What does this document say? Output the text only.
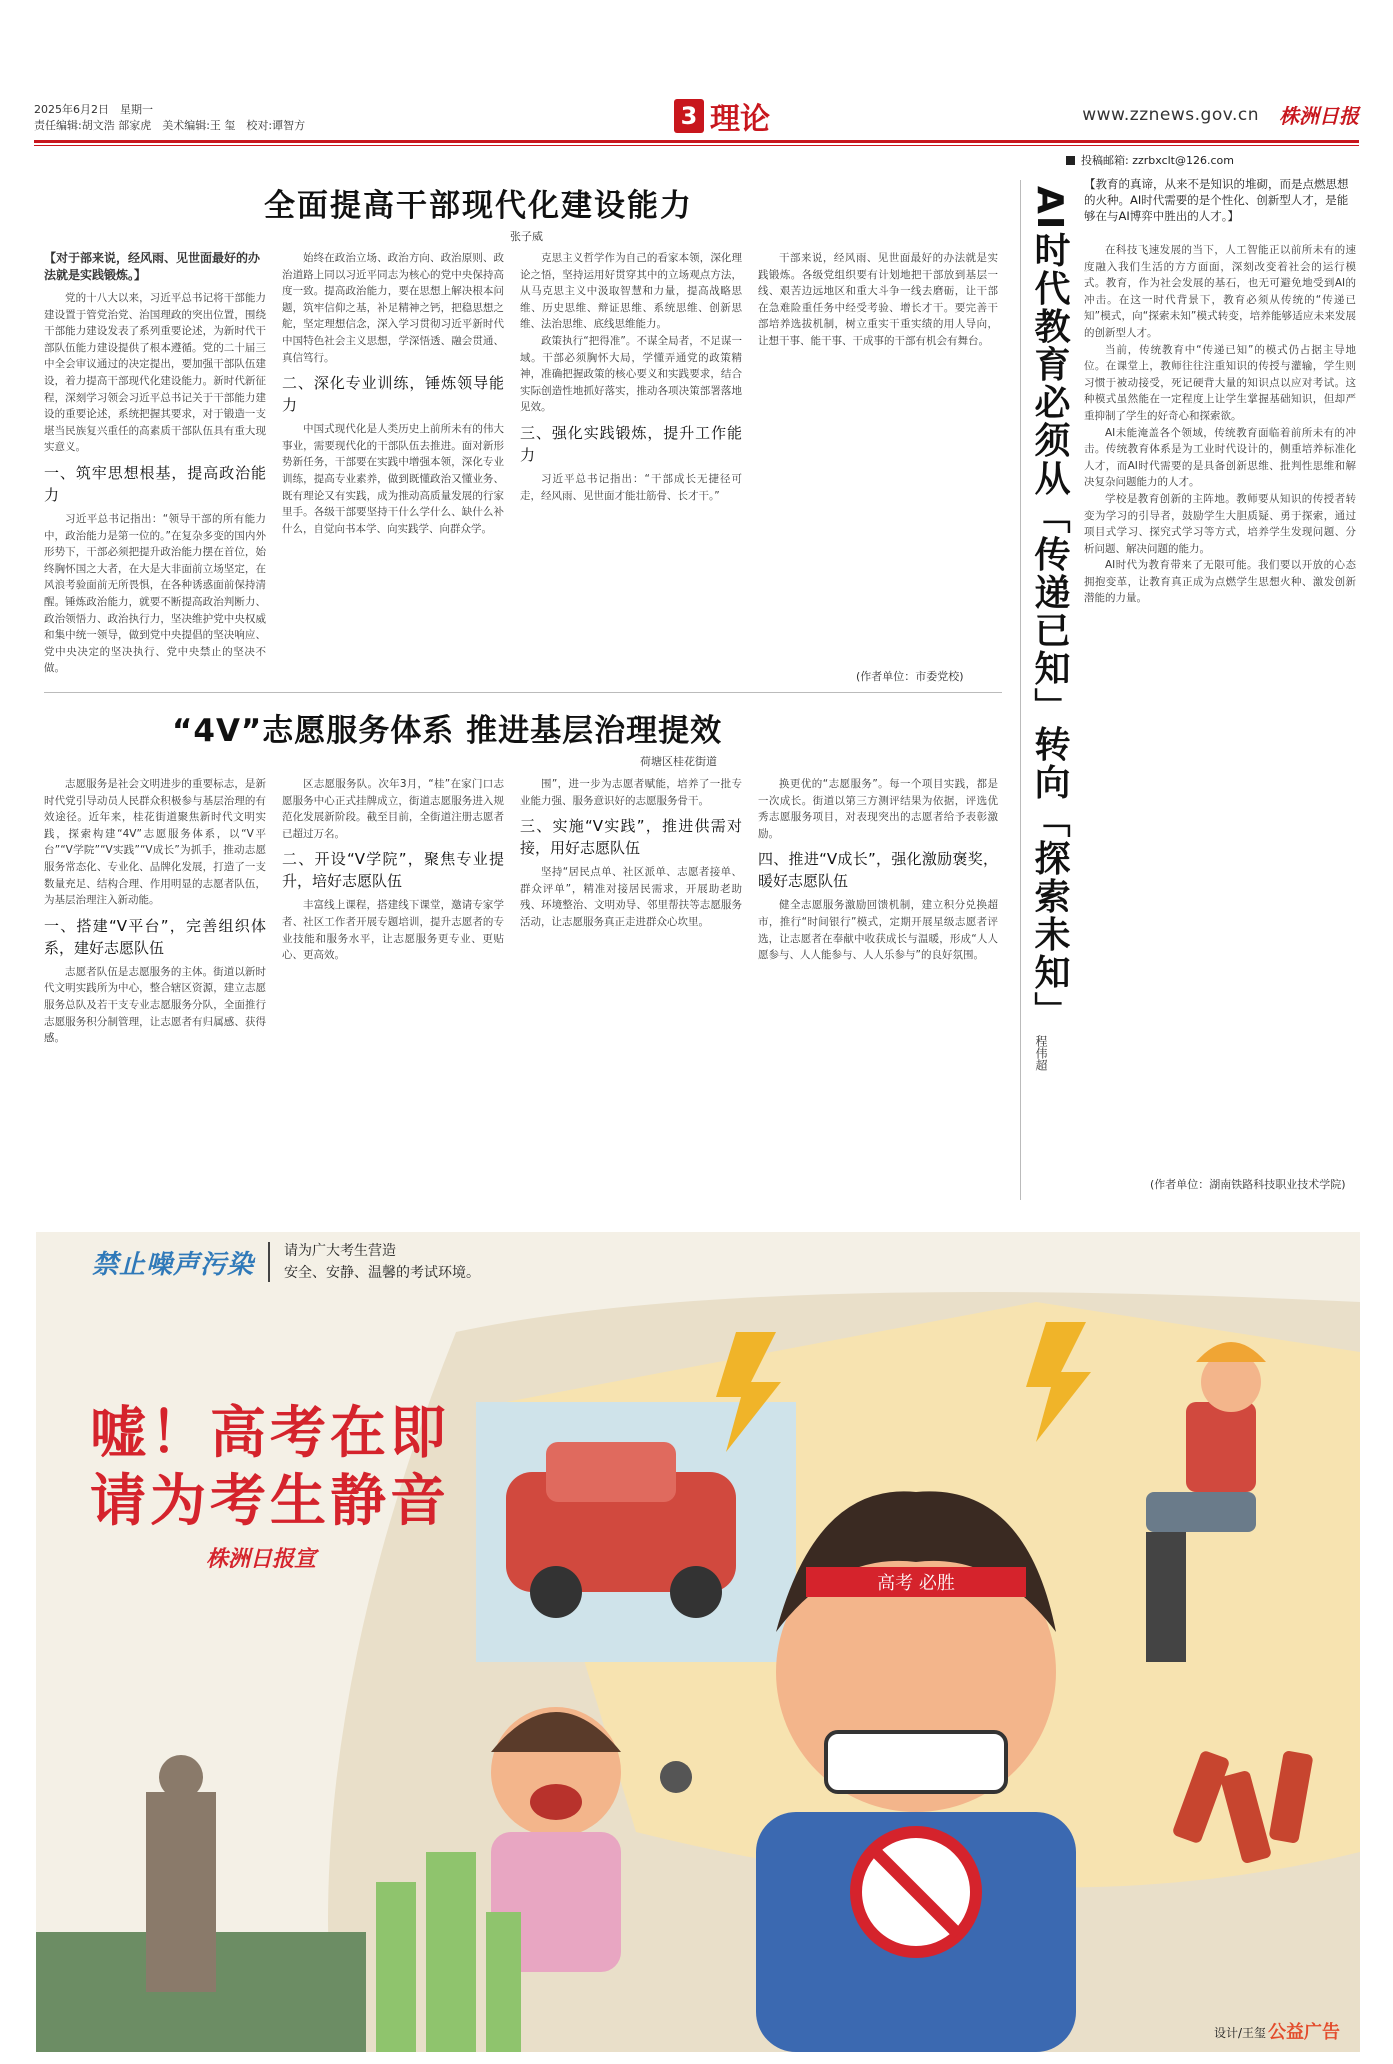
2025年6月2日　星期一
责任编辑:胡文浩 部家虎　美术编辑:王 玺　校对:谭智方	3 理论	www.zznews.gov.cn 株洲日报
投稿邮箱: zzrbxclt@126.com
全面提高干部现代化建设能力
张子威
【 对于部来说，经风雨、见世面最好的办法就是实践锻炼。】

党的十八大以来，习近平总书记将干部能力建设置于管党治党、治国理政的突出位置，围绕干部能力建设发表了系列重要论述，为新时代干部队伍能力建设提供了根本遵循。党的二十届三中全会审议通过的决定提出，要加强干部队伍建设，着力提高干部现代化建设能力。新时代新征程，深刻学习领会习近平总书记关于干部能力建设的重要论述，系统把握其要求，对于锻造一支堪当民族复兴重任的高素质干部队伍具有重大现实意义。

一、筑牢思想根基，提高政治能力

习近平总书记指出：“领导干部的所有能力中，政治能力是第一位的。”在复杂多变的国内外形势下，干部必须把提升政治能力摆在首位，始终胸怀国之大者，在大是大非面前立场坚定，在风浪考验面前无所畏惧，在各种诱惑面前保持清醒。锤炼政治能力，就要不断提高政治判断力、政治领悟力、政治执行力，坚决维护党中央权威和集中统一领导，做到党中央提倡的坚决响应、党中央决定的坚决执行、党中央禁止的坚决不做。

始终在政治立场、政治方向、政治原则、政治道路上同以习近平同志为核心的党中央保持高度一致。提高政治能力，要在思想上解决根本问题，筑牢信仰之基，补足精神之钙，把稳思想之舵，坚定理想信念，深入学习贯彻习近平新时代中国特色社会主义思想，学深悟透、融会贯通、真信笃行。

二、深化专业训练，锤炼领导能力

中国式现代化是人类历史上前所未有的伟大事业，需要现代化的干部队伍去推进。面对新形势新任务，干部要在实践中增强本领，深化专业训练，提高专业素养，做到既懂政治又懂业务、既有理论又有实践，成为推动高质量发展的行家里手。各级干部要坚持干什么学什么、缺什么补什么，自觉向书本学、向实践学、向群众学。

克思主义哲学作为自己的看家本领，深化理论之悟，坚持运用好贯穿其中的立场观点方法，从马克思主义中汲取智慧和力量，提高战略思维、历史思维、辩证思维、系统思维、创新思维、法治思维、底线思维能力。

政策执行“把得准”。不谋全局者，不足谋一域。干部必须胸怀大局，学懂弄通党的政策精神，准确把握政策的核心要义和实践要求，结合实际创造性地抓好落实，推动各项决策部署落地见效。

三、强化实践锻炼，提升工作能力

习近平总书记指出：“干部成长无捷径可走，经风雨、见世面才能壮筋骨、长才干。”

干部来说，经风雨、见世面最好的办法就是实践锻炼。各级党组织要有计划地把干部放到基层一线、艰苦边远地区和重大斗争一线去磨砺，让干部在急难险重任务中经受考验、增长才干。要完善干部培养选拔机制，树立重实干重实绩的用人导向，让想干事、能干事、干成事的干部有机会有舞台。

(作者单位：市委党校)
“4V”志愿服务体系 推进基层治理提效
荷塘区桂花街道

志愿服务是社会文明进步的重要标志，是新时代党引导动员人民群众积极参与基层治理的有效途径。近年来，桂花街道聚焦新时代文明实践，探索构建“4V”志愿服务体系，以“V平台”“V学院”“V实践”“V成长”为抓手，推动志愿服务常态化、专业化、品牌化发展，打造了一支数量充足、结构合理、作用明显的志愿者队伍，为基层治理注入新动能。

一、搭建“V平台”，完善组织体系，建好志愿队伍

志愿者队伍是志愿服务的主体。街道以新时代文明实践所为中心，整合辖区资源，建立志愿服务总队及若干支专业志愿服务分队，全面推行志愿服务积分制管理，让志愿者有归属感、获得感。

区志愿服务队。次年3月，“桂”在家门口志愿服务中心正式挂牌成立，街道志愿服务进入规范化发展新阶段。截至目前，全街道注册志愿者已超过万名。

二、开设“V学院”，聚焦专业提升，培好志愿队伍

丰富线上课程，搭建线下课堂，邀请专家学者、社区工作者开展专题培训，提升志愿者的专业技能和服务水平，让志愿服务更专业、更贴心、更高效。

围”，进一步为志愿者赋能，培养了一批专业能力强、服务意识好的志愿服务骨干。

三、实施“V实践”，推进供需对接，用好志愿队伍

坚持“居民点单、社区派单、志愿者接单、群众评单”，精准对接居民需求，开展助老助残、环境整治、文明劝导、邻里帮扶等志愿服务活动，让志愿服务真正走进群众心坎里。

换更优的“志愿服务”。每一个项目实践，都是一次成长。街道以第三方测评结果为依据，评选优秀志愿服务项目，对表现突出的志愿者给予表彰激励。

四、推进“V成长”，强化激励褒奖，暖好志愿队伍

健全志愿服务激励回馈机制，建立积分兑换超市，推行“时间银行”模式，定期开展星级志愿者评选，让志愿者在奉献中收获成长与温暖，形成“人人愿参与、人人能参与、人人乐参与”的良好氛围。	AI时代教育必须从「传递已知」转向「探索未知」
程伟超
【教育的真谛，从来不是知识的堆砌，而是点燃思想的火种。AI时代需要的是个性化、创新型人才，是能够在与AI博弈中胜出的人才。】

在科技飞速发展的当下，人工智能正以前所未有的速度融入我们生活的方方面面，深刻改变着社会的运行模式。教育，作为社会发展的基石，也无可避免地受到AI的冲击。在这一时代背景下，教育必须从传统的“传递已知”模式，向“探索未知”模式转变，培养能够适应未来发展的创新型人才。

当前，传统教育中“传递已知”的模式仍占据主导地位。在课堂上，教师往往注重知识的传授与灌输，学生则习惯于被动接受，死记硬背大量的知识点以应对考试。这种模式虽然能在一定程度上让学生掌握基础知识，但却严重抑制了学生的好奇心和探索欲。

AI未能淹盖各个领域，传统教育面临着前所未有的冲击。传统教育体系是为工业时代设计的，侧重培养标准化人才，而AI时代需要的是具备创新思维、批判性思维和解决复杂问题能力的人才。

学校是教育创新的主阵地。教师要从知识的传授者转变为学习的引导者，鼓励学生大胆质疑、勇于探索，通过项目式学习、探究式学习等方式，培养学生发现问题、分析问题、解决问题的能力。

AI时代为教育带来了无限可能。我们要以开放的心态拥抱变革，让教育真正成为点燃学生思想火种、激发创新潜能的力量。

(作者单位：湖南铁路科技职业技术学院)
高考 必胜
禁止噪声污染 请为广大考生营造
安全、安静、温馨的考试环境。
嘘！高考在即
请为考生静音
株洲日报宣
设计/王玺 公益广告
